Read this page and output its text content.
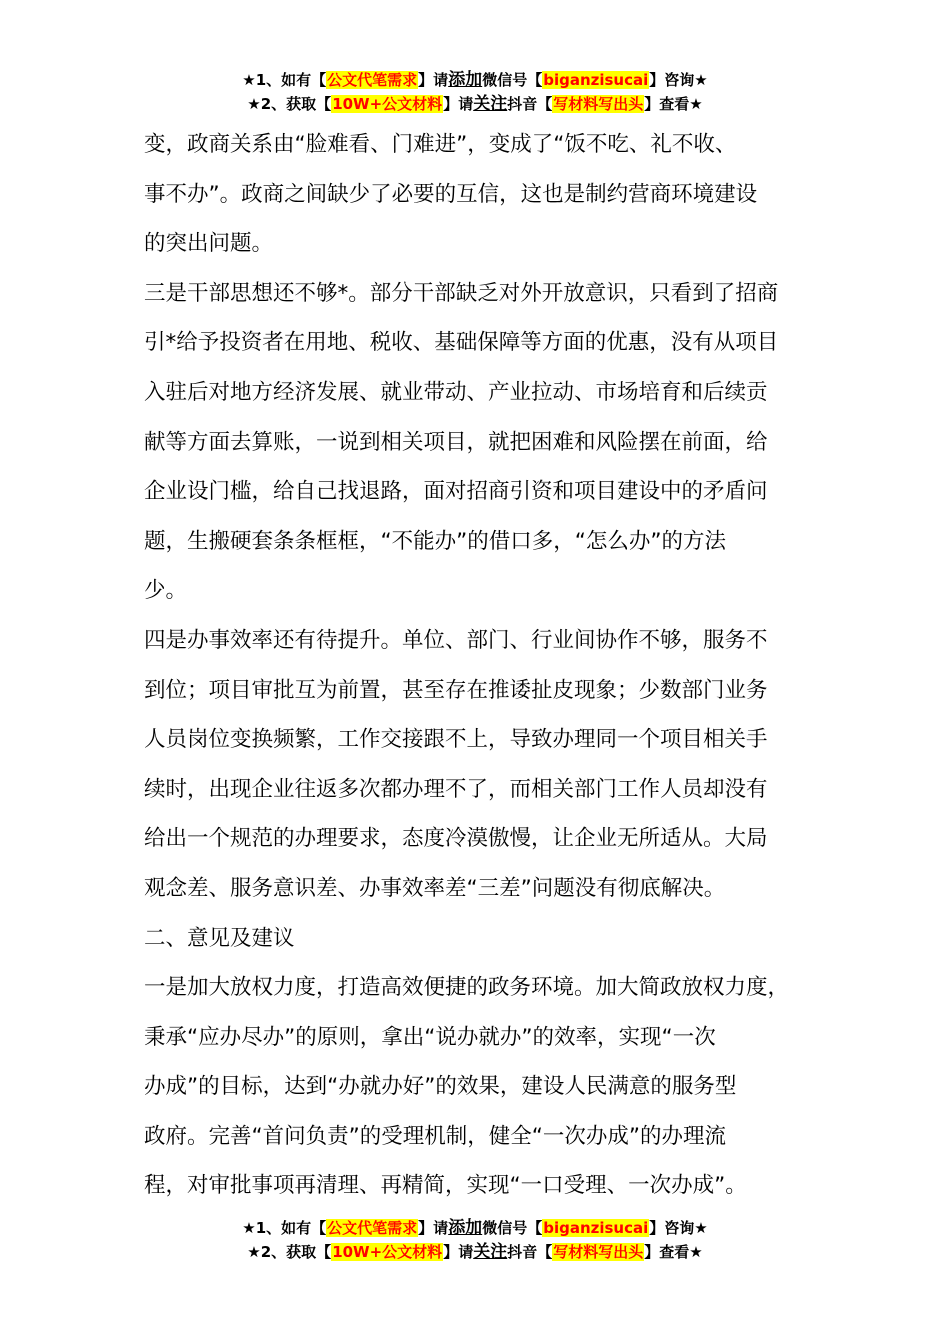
★1、如有【公文代笔需求】请添加微信号【biganzisucai】咨询★
★2、获取【10W+公文材料】请关注抖音【写材料写出头】查看★

变，政商关系由“脸难看、门难进”，变成了“饭不吃、礼不收、

事不办”。政商之间缺少了必要的互信，这也是制约营商环境建设

的突出问题。

三是干部思想还不够*。部分干部缺乏对外开放意识，只看到了招商

引*给予投资者在用地、税收、基础保障等方面的优惠，没有从项目

入驻后对地方经济发展、就业带动、产业拉动、市场培育和后续贡

献等方面去算账，一说到相关项目，就把困难和风险摆在前面，给

企业设门槛，给自己找退路，面对招商引资和项目建设中的矛盾问

题，生搬硬套条条框框，“不能办”的借口多，“怎么办”的方法

少。

四是办事效率还有待提升。单位、部门、行业间协作不够，服务不

到位；项目审批互为前置，甚至存在推诿扯皮现象；少数部门业务

人员岗位变换频繁，工作交接跟不上，导致办理同一个项目相关手

续时，出现企业往返多次都办理不了，而相关部门工作人员却没有

给出一个规范的办理要求，态度冷漠傲慢，让企业无所适从。大局

观念差、服务意识差、办事效率差“三差”问题没有彻底解决。

二、意见及建议

一是加大放权力度，打造高效便捷的政务环境。加大简政放权力度，

秉承“应办尽办”的原则，拿出“说办就办”的效率，实现“一次

办成”的目标，达到“办就办好”的效果，建设人民满意的服务型

政府。完善“首问负责”的受理机制，健全“一次办成”的办理流

程，对审批事项再清理、再精简，实现“一口受理、一次办成”。

★1、如有【公文代笔需求】请添加微信号【biganzisucai】咨询★
★2、获取【10W+公文材料】请关注抖音【写材料写出头】查看★
